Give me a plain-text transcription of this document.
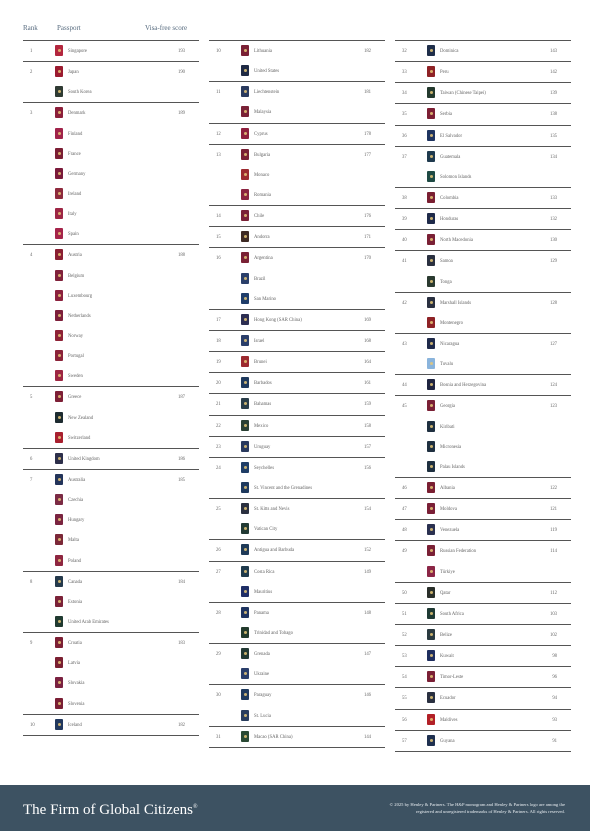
Rank	Passport	Visa-free score
1	Singapore	193
2	Japan	190
South Korea
3	Denmark	189
Finland
France
Germany
Ireland
Italy
Spain
4	Austria	188
Belgium
Luxembourg
Netherlands
Norway
Portugal
Sweden
5	Greece	187
New Zealand
Switzerland
6	United Kingdom	186
7	Australia	185
Czechia
Hungary
Malta
Poland
8	Canada	184
Estonia
United Arab Emirates
9	Croatia	183
Latvia
Slovakia
Slovenia
10	Iceland	182
10	Lithuania	182
United States
11	Liechtenstein	181
Malaysia
12	Cyprus	178
13	Bulgaria	177
Monaco
Romania
14	Chile	176
15	Andorra	171
16	Argentina	170
Brazil
San Marino
17	Hong Kong (SAR China)	169
18	Israel	168
19	Brunei	164
20	Barbados	161
21	Bahamas	159
22	Mexico	158
23	Uruguay	157
24	Seychelles	156
St. Vincent and the Grenadines
25	St. Kitts and Nevis	154
Vatican City
26	Antigua and Barbuda	152
27	Costa Rica	149
Mauritius
28	Panama	148
Trinidad and Tobago
29	Grenada	147
Ukraine
30	Paraguay	146
St. Lucia
31	Macao (SAR China)	144
32	Dominica	143
33	Peru	142
34	Taiwan (Chinese Taipei)	139
35	Serbia	138
36	El Salvador	135
37	Guatemala	134
Solomon Islands
38	Colombia	133
39	Honduras	132
40	North Macedonia	130
41	Samoa	129
Tonga
42	Marshall Islands	128
Montenegro
43	Nicaragua	127
Tuvalu
44	Bosnia and Herzegovina	124
45	Georgia	123
Kiribati
Micronesia
Palau Islands
46	Albania	122
47	Moldova	121
48	Venezuela	119
49	Russian Federation	114
Türkiye
50	Qatar	112
51	South Africa	103
52	Belize	102
53	Kuwait	98
54	Timor-Leste	96
55	Ecuador	94
56	Maldives	93
57	Guyana	91
The Firm of Global Citizens®	© 2025 by Henley & Partners. The H&P monogram and Henley & Partners logo are among the
registered and unregistered trademarks of Henley & Partners. All rights reserved.
